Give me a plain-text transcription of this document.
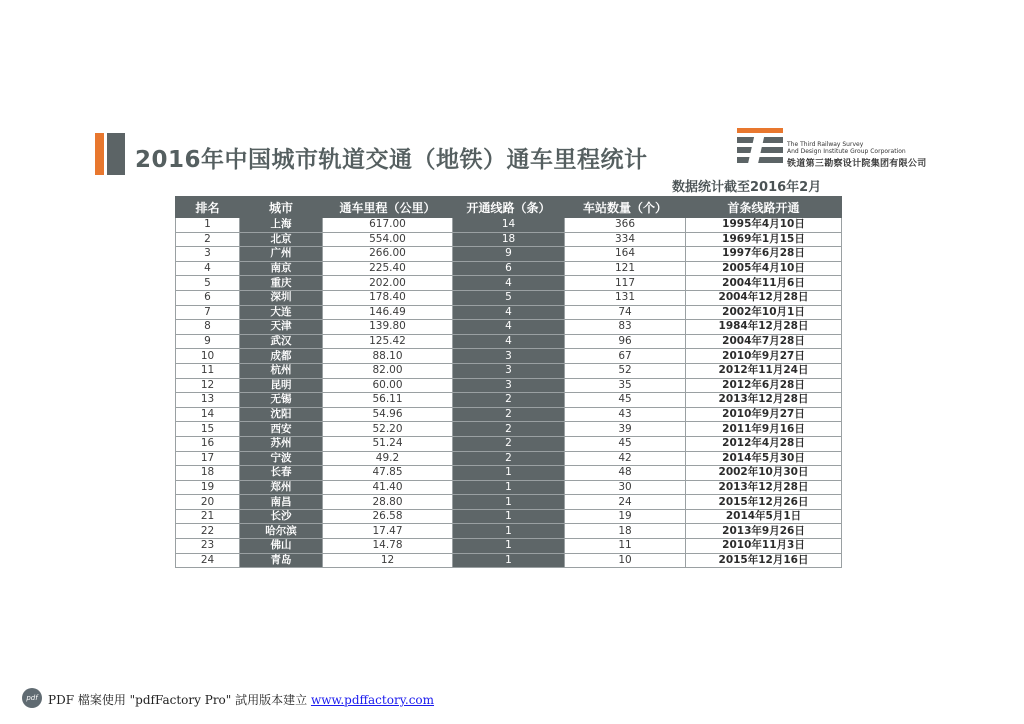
2016年中国城市轨道交通（地铁）通车里程统计
The Third Railway Survey
And Design Institute Group Corporation
铁道第三勘察设计院集团有限公司
数据统计截至2016年2月
排名	城市	通车里程（公里）	开通线路（条）	车站数量（个）	首条线路开通
1	上海	617.00	14	366	1995年4月10日
2	北京	554.00	18	334	1969年1月15日
3	广州	266.00	9	164	1997年6月28日
4	南京	225.40	6	121	2005年4月10日
5	重庆	202.00	4	117	2004年11月6日
6	深圳	178.40	5	131	2004年12月28日
7	大连	146.49	4	74	2002年10月1日
8	天津	139.80	4	83	1984年12月28日
9	武汉	125.42	4	96	2004年7月28日
10	成都	88.10	3	67	2010年9月27日
11	杭州	82.00	3	52	2012年11月24日
12	昆明	60.00	3	35	2012年6月28日
13	无锡	56.11	2	45	2013年12月28日
14	沈阳	54.96	2	43	2010年9月27日
15	西安	52.20	2	39	2011年9月16日
16	苏州	51.24	2	45	2012年4月28日
17	宁波	49.2	2	42	2014年5月30日
18	长春	47.85	1	48	2002年10月30日
19	郑州	41.40	1	30	2013年12月28日
20	南昌	28.80	1	24	2015年12月26日
21	长沙	26.58	1	19	2014年5月1日
22	哈尔滨	17.47	1	18	2013年9月26日
23	佛山	14.78	1	11	2010年11月3日
24	青岛	12	1	10	2015年12月16日
pdf PDF 檔案使用 "pdfFactory Pro" 試用版本建立 www.pdffactory.com
